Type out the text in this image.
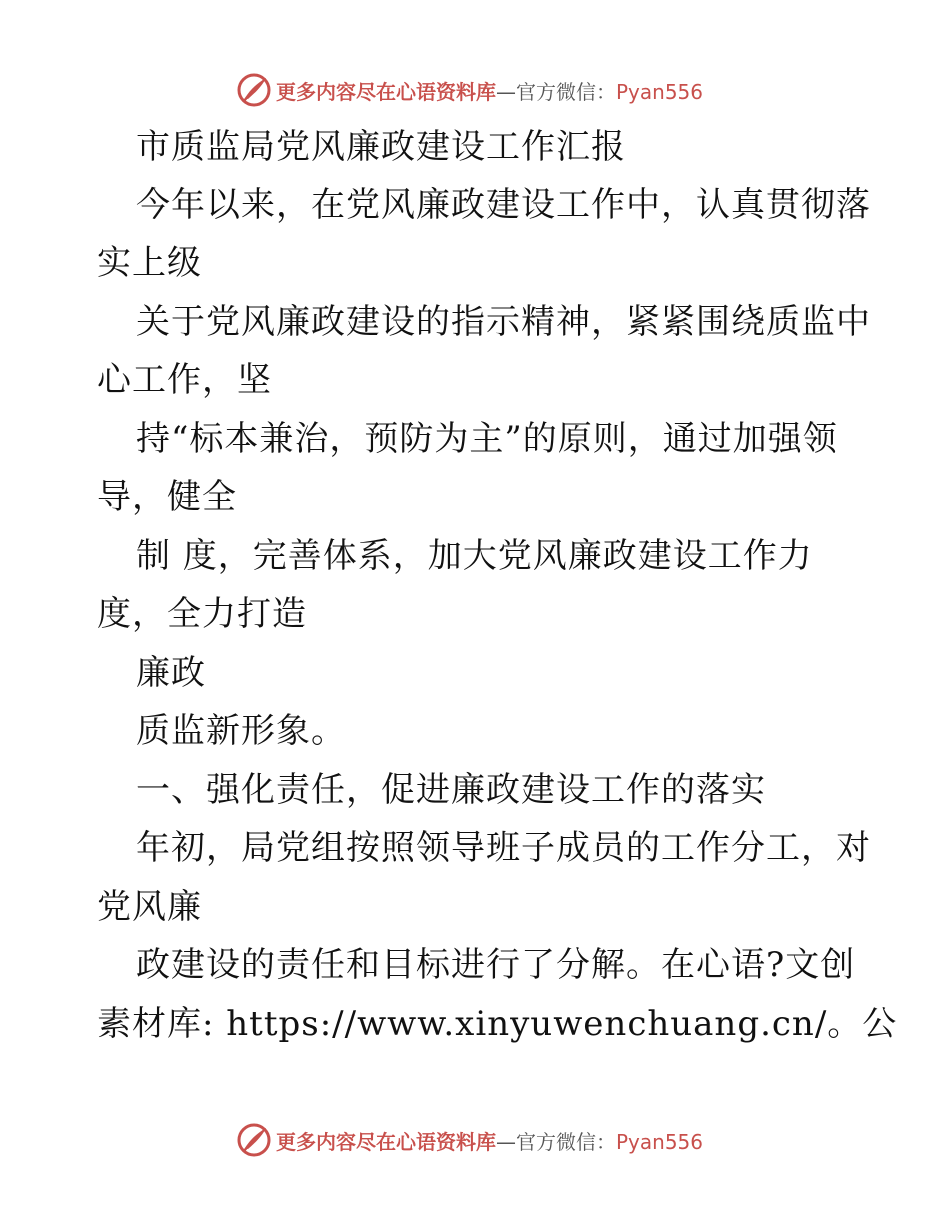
更多内容尽在心语资料库—官方微信：Pyan556
市质监局党风廉政建设工作汇报
今年以来，在党风廉政建设工作中，认真贯彻落
实上级
关于党风廉政建设的指示精神，紧紧围绕质监中
心工作，坚
持“标本兼治，预防为主”的原则，通过加强领
导，健全
制 度，完善体系，加大党风廉政建设工作力
度，全力打造
廉政
质监新形象。
一、强化责任，促进廉政建设工作的落实
年初，局党组按照领导班子成员的工作分工，对
党风廉
政建设的责任和目标进行了分解。在心语?文创
素材库: https://www.xinyuwenchuang.cn/。公
更多内容尽在心语资料库—官方微信：Pyan556
